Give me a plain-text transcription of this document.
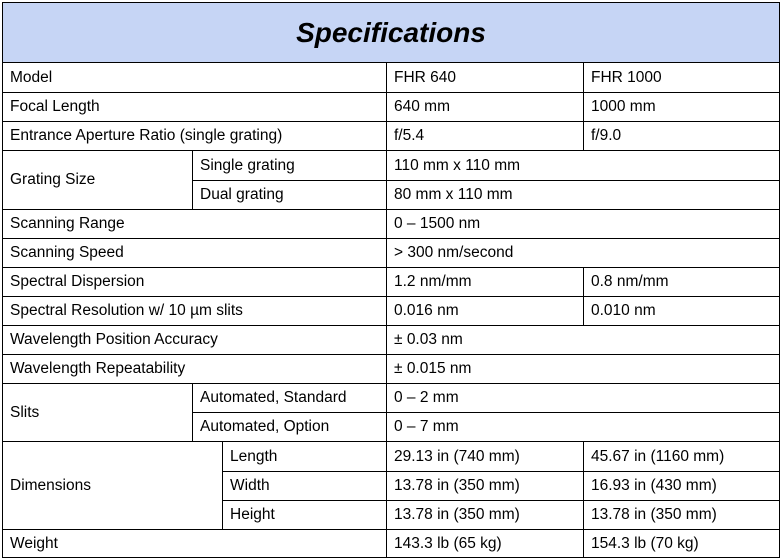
Specifications
Model	FHR 640	FHR 1000
Focal Length	640 mm	1000 mm
Entrance Aperture Ratio (single grating)	f/5.4	f/9.0
Grating Size
Single grating	110 mm x 110 mm
Dual grating	80 mm x 110 mm
Scanning Range	0 – 1500 nm
Scanning Speed	> 300 nm/second
Spectral Dispersion	1.2 nm/mm	0.8 nm/mm
Spectral Resolution w/ 10 µm slits	0.016 nm	0.010 nm
Wavelength Position Accuracy	± 0.03 nm
Wavelength Repeatability	± 0.015 nm
Slits
Automated, Standard	0 – 2 mm
Automated, Option	0 – 7 mm
Dimensions
Length	29.13 in (740 mm)	45.67 in (1160 mm)
Width	13.78 in (350 mm)	16.93 in (430 mm)
Height	13.78 in (350 mm)	13.78 in (350 mm)
Weight	143.3 lb (65 kg)	154.3 lb (70 kg)
